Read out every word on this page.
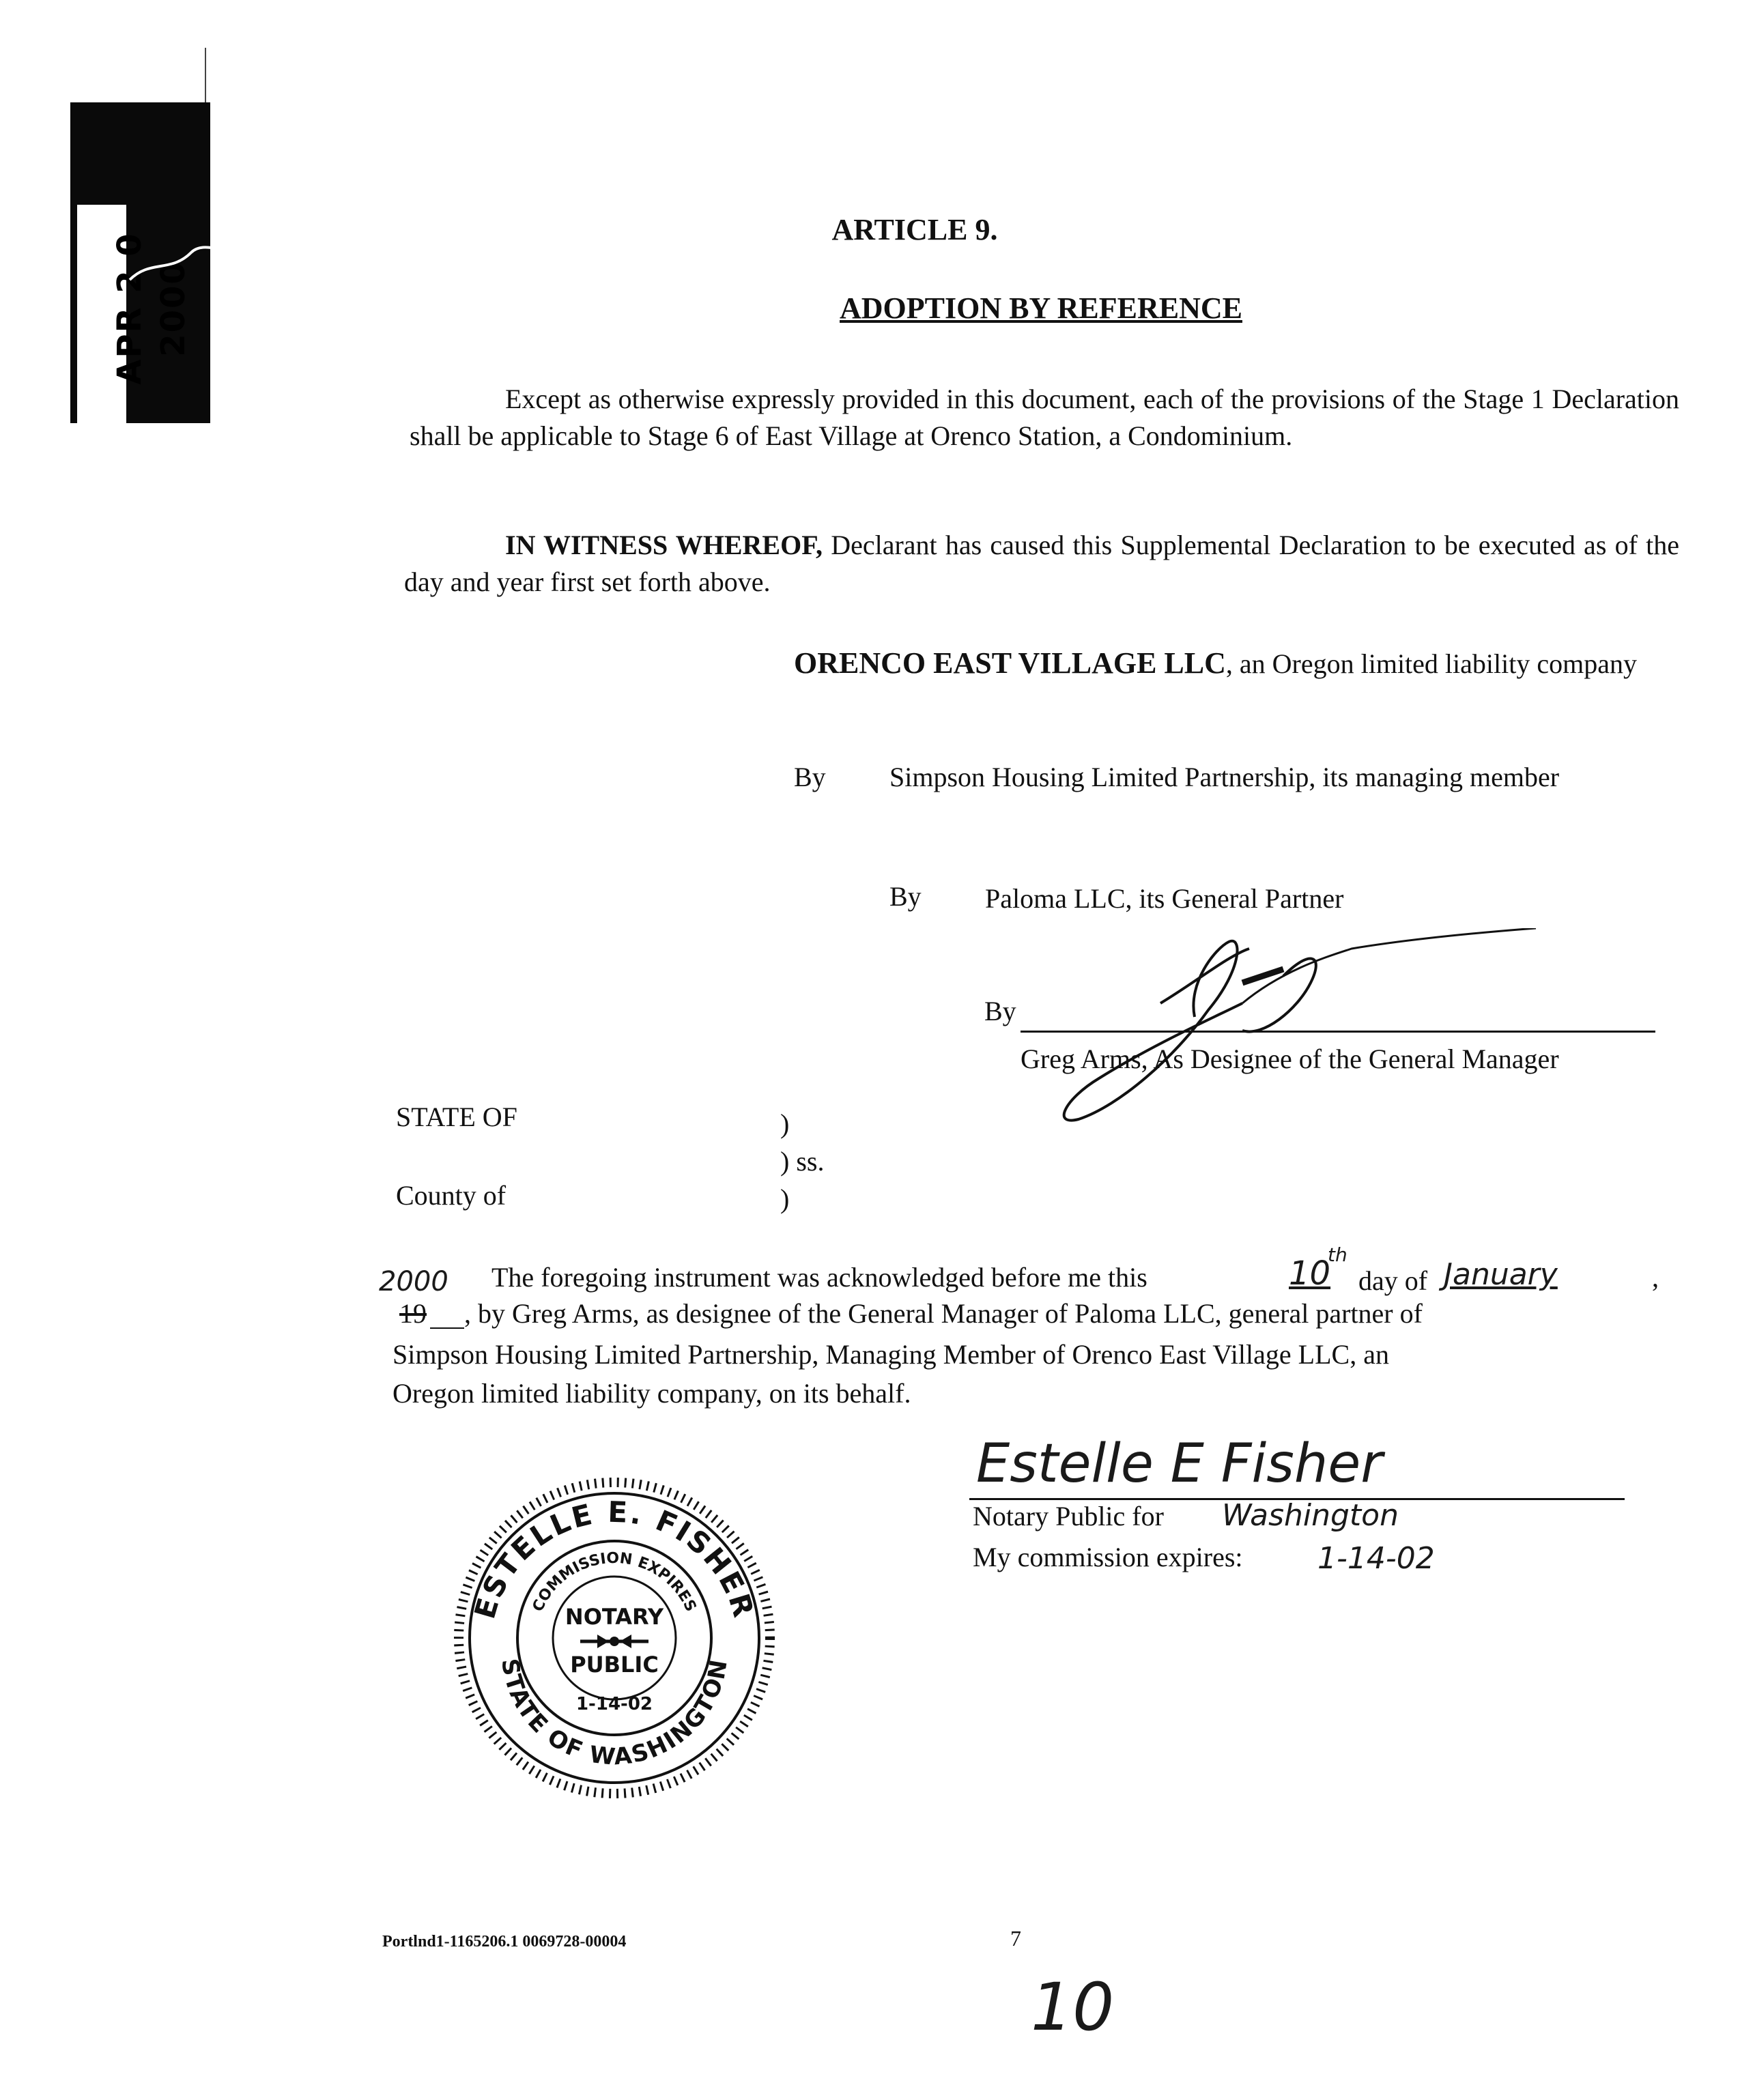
APR 2 0 2000
ARTICLE 9.
ADOPTION BY REFERENCE
Except as otherwise expressly provided in this document, each of the provisions of the Stage 1 Declaration shall be applicable to Stage 6 of East Village at Orenco Station, a Condominium.
IN WITNESS WHEREOF, Declarant has caused this Supplemental Declaration to be executed as of the day and year first set forth above.
ORENCO EAST VILLAGE LLC, an Oregon limited liability company
By Simpson Housing Limited Partnership, its managing member
By Paloma LLC, its General Partner
By
Greg Arms, As Designee of the General Manager
STATE OF	)
) ss.
County of	)
2000 The foregoing instrument was acknowledged before me this	10
th
day of January	,
19 , by Greg Arms, as designee of the General Manager of Paloma LLC, general partner of
Simpson Housing Limited Partnership, Managing Member of Orenco East Village LLC, an
Oregon limited liability company, on its behalf.
Estelle E Fisher
Notary Public for Washington
My commission expires: 1-14-02
ESTELLE E. FISHER
STATE OF WASHINGTON
COMMISSION EXPIRES
NOTARY
PUBLIC
1-14-02
Portlnd1-1165206.1 0069728-00004	7
10
